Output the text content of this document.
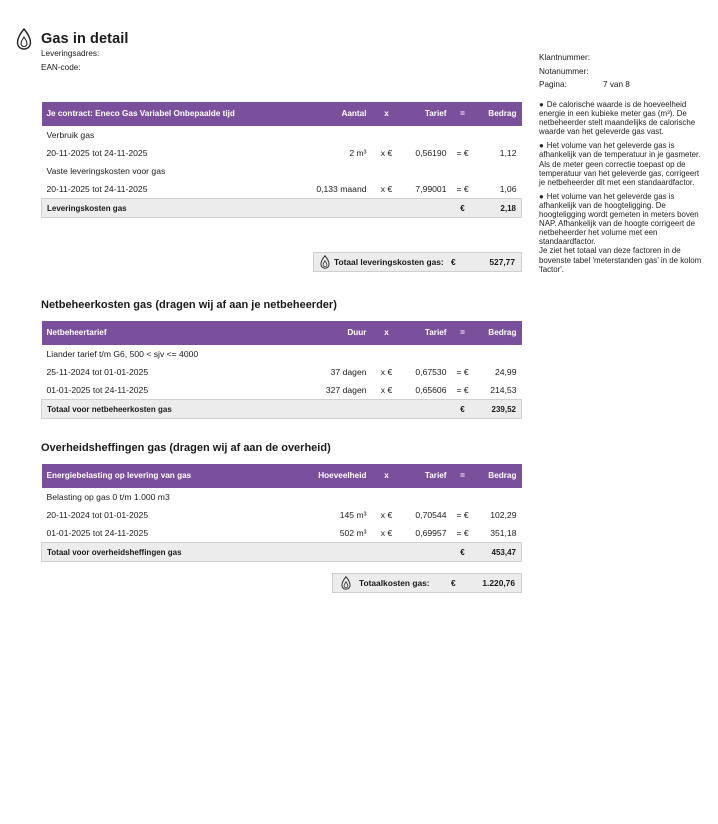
Gas in detail
Leveringsadres:
EAN-code:
Klantnummer:
Notanummer:
Pagina:	7 van 8

● De calorische waarde is de hoeveelheid energie in een kubieke meter gas (m³). De netbeheerder stelt maandelijks de calorische waarde van het geleverde gas vast.

● Het volume van het geleverde gas is afhankelijk van de temperatuur in je gasmeter. Als de meter geen correctie toepast op de temperatuur van het geleverde gas, corrigeert je netbeheerder dit met een standaardfactor.

● Het volume van het geleverde gas is afhankelijk van de hoogteligging. De hoogteligging wordt gemeten in meters boven NAP. Afhankelijk van de hoogte corrigeert de netbeheerder het volume met een standaardfactor.

Je ziet het totaal van deze factoren in de bovenste tabel 'meterstanden gas' in de kolom 'factor'.

Je contract: Eneco Gas Variabel Onbepaalde tijd	Aantal	x	Tarief	=	Bedrag
Verbruik gas					
20-11-2025 tot 24-11-2025	2 m³	x €	0,56190	= €	1,12
Vaste leveringskosten voor gas					
20-11-2025 tot 24-11-2025	0,133 maand	x €	7,99001	= €	1,06
Leveringskosten gas				€	2,18
Totaal leveringskosten gas: €	527,77
Netbeheerkosten gas (dragen wij af aan je netbeheerder)
Netbeheertarief	Duur	x	Tarief	=	Bedrag
Liander tarief t/m G6, 500 < sjv <= 4000					
25-11-2024 tot 01-01-2025	37 dagen	x €	0,67530	= €	24,99
01-01-2025 tot 24-11-2025	327 dagen	x €	0,65606	= €	214,53
Totaal voor netbeheerkosten gas				€	239,52
Overheidsheffingen gas (dragen wij af aan de overheid)
Energiebelasting op levering van gas	Hoeveelheid	x	Tarief	=	Bedrag
Belasting op gas 0 t/m 1.000 m3					
20-11-2024 tot 01-01-2025	145 m³	x €	0,70544	= €	102,29
01-01-2025 tot 24-11-2025	502 m³	x €	0,69957	= €	351,18
Totaal voor overheidsheffingen gas				€	453,47
Totaalkosten gas:	€	1.220,76
